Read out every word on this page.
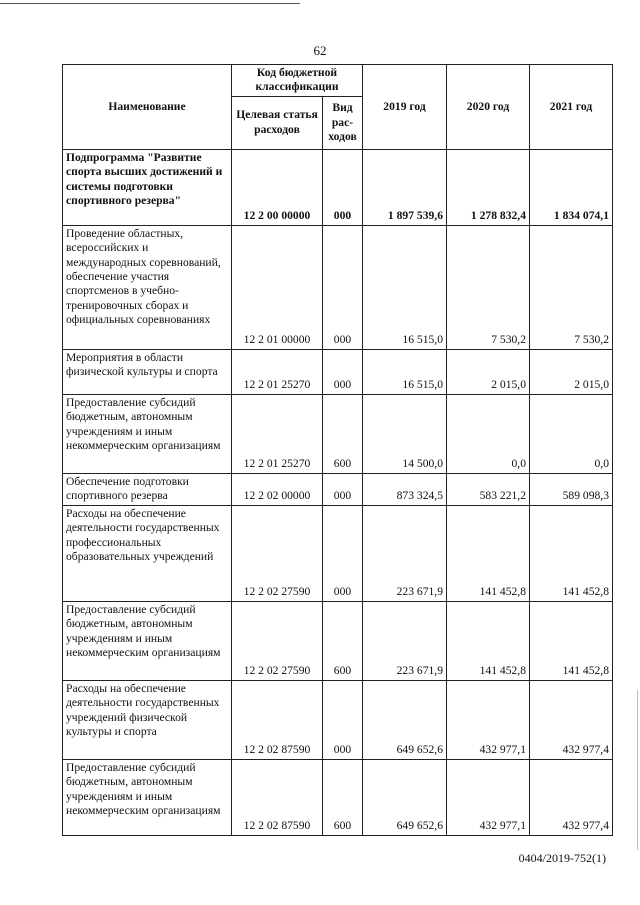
62
Наименование	Код бюджетной классификации		2019 год	2020 год	2021 год
	Целевая статья расходов	Вид рас-ходов			
Подпрограмма "Развитие спорта высших достижений и системы подготовки спортивного резерва"	12 2 00 00000	000	1 897 539,6	1 278 832,4	1 834 074,1
Проведение областных, всероссийских и международных соревнований, обеспечение участия спортсменов в учебно-тренировочных сборах и официальных соревнованиях	12 2 01 00000	000	16 515,0	7 530,2	7 530,2
Мероприятия в области физической культуры и спорта	12 2 01 25270	000	16 515,0	2 015,0	2 015,0
Предоставление субсидий бюджетным, автономным учреждениям и иным некоммерческим организациям	12 2 01 25270	600	14 500,0	0,0	0,0
Обеспечение подготовки спортивного резерва	12 2 02 00000	000	873 324,5	583 221,2	589 098,3
Расходы на обеспечение деятельности государственных профессиональных образовательных учреждений	12 2 02 27590	000	223 671,9	141 452,8	141 452,8
Предоставление субсидий бюджетным, автономным учреждениям и иным некоммерческим организациям	12 2 02 27590	600	223 671,9	141 452,8	141 452,8
Расходы на обеспечение деятельности государственных учреждений физической культуры и спорта	12 2 02 87590	000	649 652,6	432 977,1	432 977,4
Предоставление субсидий бюджетным, автономным учреждениям и иным некоммерческим организациям	12 2 02 87590	600	649 652,6	432 977,1	432 977,4
0404/2019-752(1)
